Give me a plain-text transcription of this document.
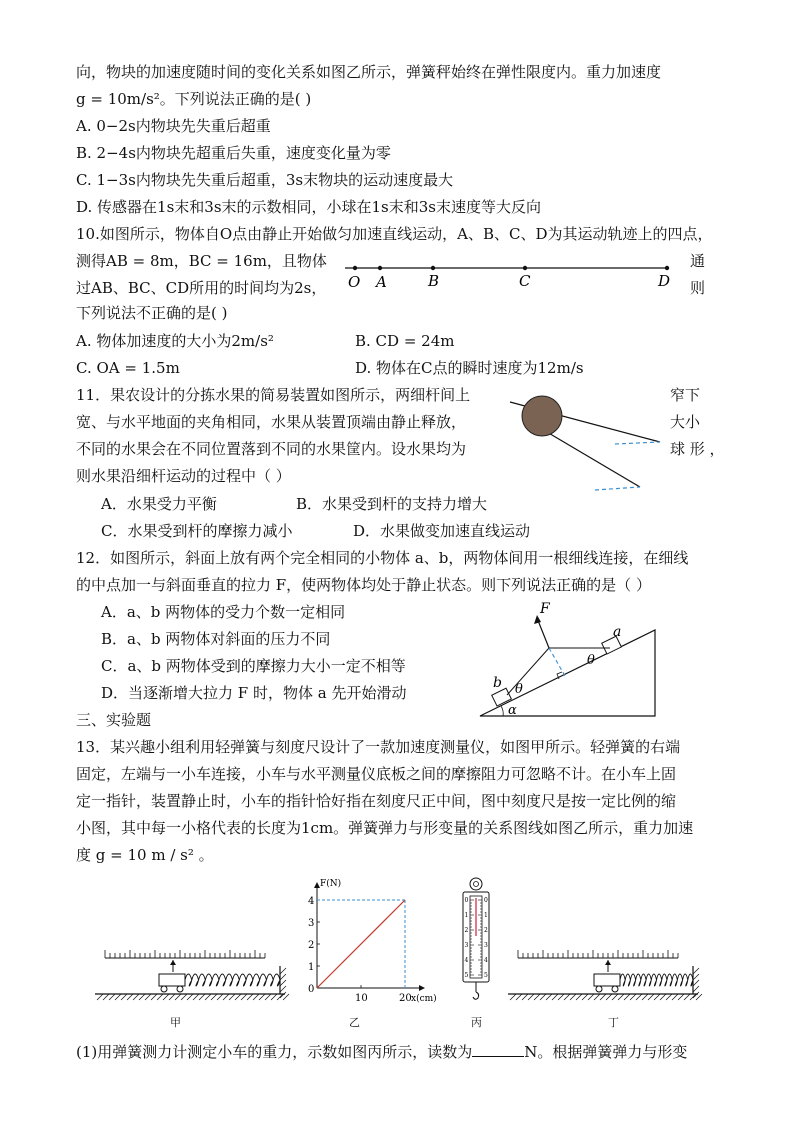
向，物块的加速度随时间的变化关系如图乙所示，弹簧秤始终在弹性限度内。重力加速度
g = 10m/s²。下列说法正确的是( )
A. 0−2s内物块先失重后超重
B. 2−4s内物块先超重后失重，速度变化量为零
C. 1−3s内物块先失重后超重，3s末物块的运动速度最大
D. 传感器在1s末和3s末的示数相同，小球在1s末和3s末速度等大反向
10.如图所示，物体自O点由静止开始做匀加速直线运动，A、B、C、D为其运动轨迹上的四点，
测得AB = 8m，BC = 16m，且物体	通
过AB、BC、CD所用的时间均为2s，	则
下列说法不正确的是( )
A. 物体加速度的大小为2m/s²	B. CD = 24m
C. OA = 1.5m	D. 物体在C点的瞬时速度为12m/s
O A	B	C	D
11．果农设计的分拣水果的简易装置如图所示，两细杆间上	窄下
宽、与水平地面的夹角相同，水果从装置顶端由静止释放，	大小
不同的水果会在不同位置落到不同的水果筐内。设水果均为	球 形 ，
则水果沿细杆运动的过程中（ ）
A．水果受力平衡	B．水果受到杆的支持力增大
C．水果受到杆的摩擦力减小	D．水果做变加速直线运动
12．如图所示，斜面上放有两个完全相同的小物体 a、b，两物体间用一根细线连接，在细线
的中点加一与斜面垂直的拉力 F，使两物体均处于静止状态。则下列说法正确的是（ ）
A．a、b 两物体的受力个数一定相同
B．a、b 两物体对斜面的压力不同
C．a、b 两物体受到的摩擦力大小一定不相等
D．当逐渐增大拉力 F 时，物体 a 先开始滑动
F
a
b
θ
θ
α
三、实验题
13．某兴趣小组利用轻弹簧与刻度尺设计了一款加速度测量仪，如图甲所示。轻弹簧的右端
固定，左端与一小车连接，小车与水平测量仪底板之间的摩擦阻力可忽略不计。在小车上固
定一指针，装置静止时，小车的指针恰好指在刻度尺正中间，图中刻度尺是按一定比例的缩
小图，其中每一小格代表的长度为1cm。弹簧弹力与形变量的关系图线如图乙所示，重力加速
度 g = 10 m / s² 。
甲
1
2
3
4
10	20
0
x(cm)
F(N)
乙
0
1
2
3
4
5
0
1
2
3
4
5
丙	丁
(1)用弹簧测力计测定小车的重力，示数如图丙所示，读数为	N。根据弹簧弹力与形变
